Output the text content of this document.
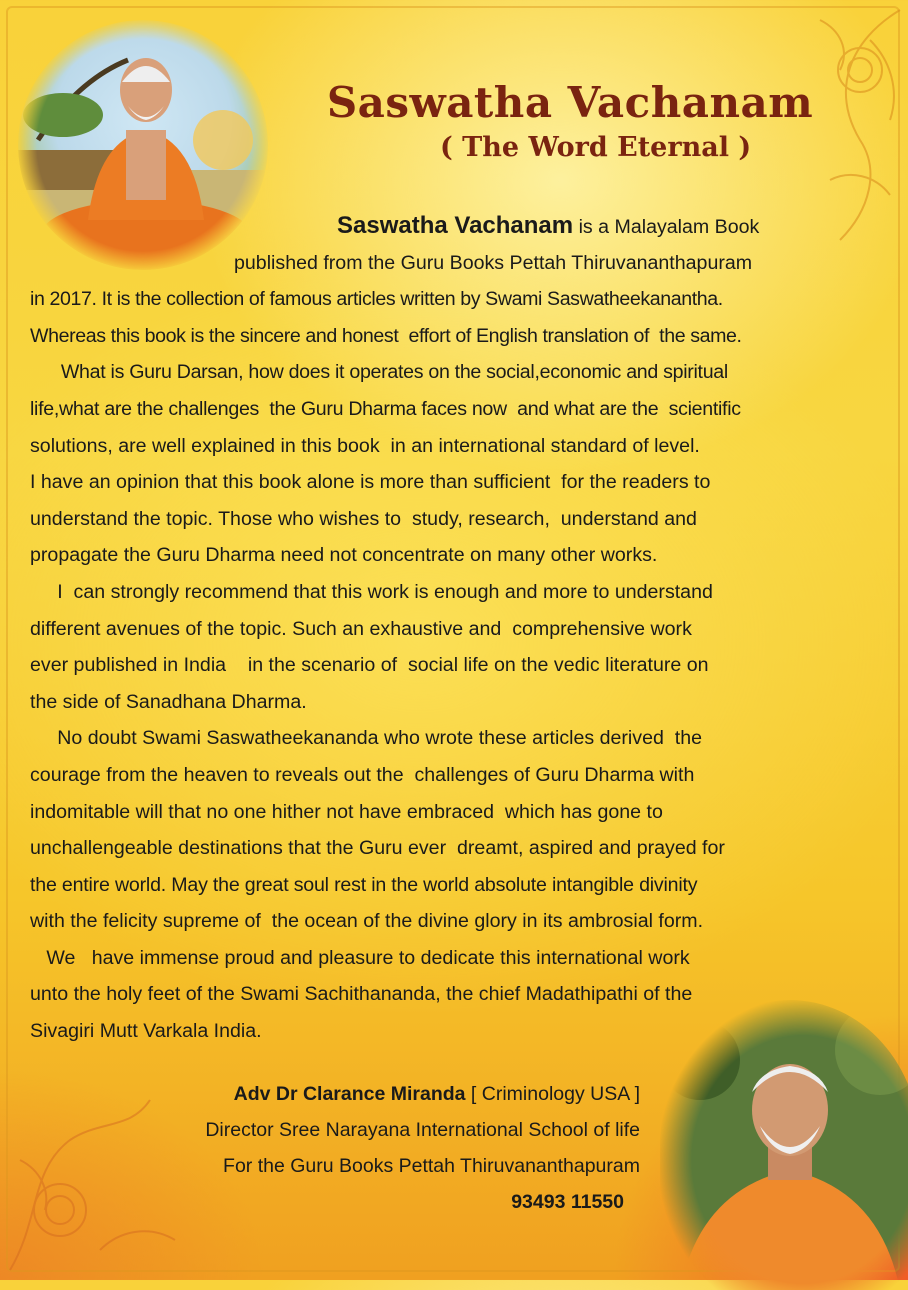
Saswatha Vachanam

( The Word Eternal )

Saswatha Vachanam is a Malayalam Book
published from the Guru Books Pettah Thiruvananthapuram
in 2017. It is the collection of famous articles written by Swami Saswatheekanantha.
Whereas this book is the sincere and honest  effort of English translation of  the same.
What is Guru Darsan, how does it operates on the social,economic and spiritual
life,what are the challenges  the Guru Dharma faces now  and what are the  scientific
solutions, are well explained in this book  in an international standard of level.
I have an opinion that this book alone is more than sufficient  for the readers to
understand the topic. Those who wishes to  study, research,  understand and
propagate the Guru Dharma need not concentrate on many other works.
I  can strongly recommend that this work is enough and more to understand
different avenues of the topic. Such an exhaustive and  comprehensive work
ever published in India    in the scenario of  social life on the vedic literature on
the side of Sanadhana Dharma.
No doubt Swami Saswatheekananda who wrote these articles derived  the
courage from the heaven to reveals out the  challenges of Guru Dharma with
indomitable will that no one hither not have embraced  which has gone to
unchallengeable destinations that the Guru ever  dreamt, aspired and prayed for
the entire world. May the great soul rest in the world absolute intangible divinity
with the felicity supreme of  the ocean of the divine glory in its ambrosial form.
We   have immense proud and pleasure to dedicate this international work
unto the holy feet of the Swami Sachithananda, the chief Madathipathi of the
Sivagiri Mutt Varkala India.
Adv Dr Clarance Miranda [ Criminology USA ]
Director Sree Narayana International School of life
For the Guru Books Pettah Thiruvananthapuram
93493 11550
